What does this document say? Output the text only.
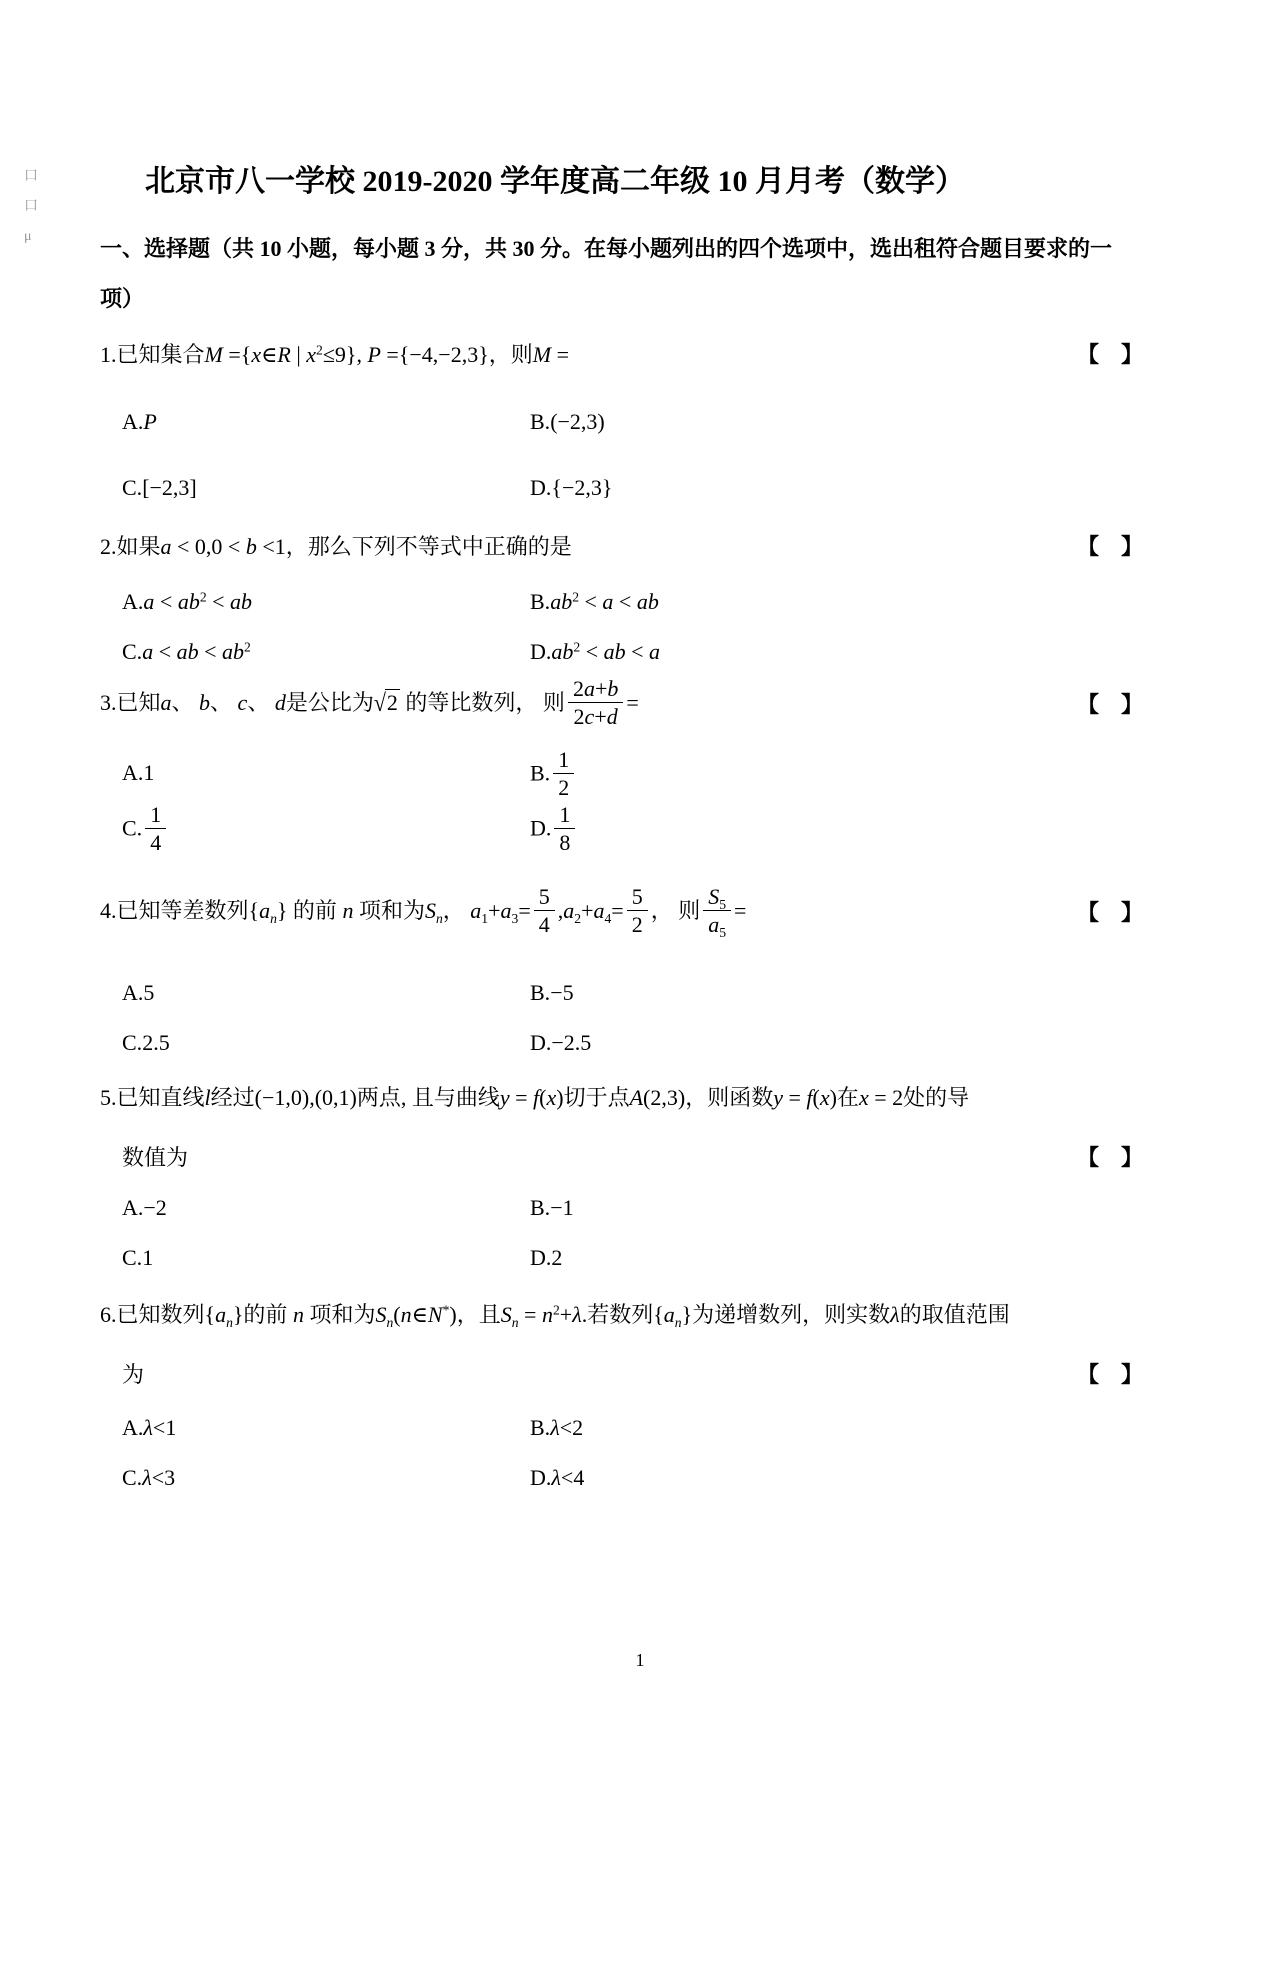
口
口
μ
北京市八一学校 2019-2020 学年度高二年级 10 月月考（数学）
一、选择题（共 10 小题，每小题 3 分，共 30 分。在每小题列出的四个选项中，选出租符合题目要求的一
项）
1.已知集合M ={x∈R | $x^2\le 9$}, P ={−4,−2,3}，则M =	【　】
A.P	B.(−2,3)
C.[−2,3]	D.{−2,3}
2.如果a < 0,0 < b <1，那么下列不等式中正确的是	【　】
$A.a < ab^2$ < ab	$B.ab^2 < a$ < ab
C.a < ab < $ab^2$	$D.ab^2$ < ab < a
3.已知a、 b、 c、 d是公比为√2 的等比数列， 则 $\frac{2a+b}{2c+d}$ =	【　】
A.1	B. $\frac{1}{2}$
C. $\frac{1}{4}$	D. $\frac{1}{8}$
4.已知等差数列$\{a_n\}$ 的前 n 项和为$S_n$， $a_1+a_3= \frac{5}{4} ,a_2+a_4= \frac{5}{2}$ ， 则 $\frac{S_5}{a_5}$ =	【　】
A.5	B.−5
C.2.5	D.−2.5
5.已知直线l经过(−1,0),(0,1)两点, 且与曲线y = f(x)切于点A(2,3)，则函数y = f(x)在x = 2处的导
数值为	【　】
A.−2	B.−1
C.1	D.2
6.已知数列$\{a_n\}$的前 n 项和为$S_n(n\in N^*)$，且$S_n = n^2+\lambda$.若数列$\{a_n\}$为递增数列，则实数λ的取值范围
为	【　】
A.λ<1	B.λ<2
C.λ<3	D.λ<4
1
